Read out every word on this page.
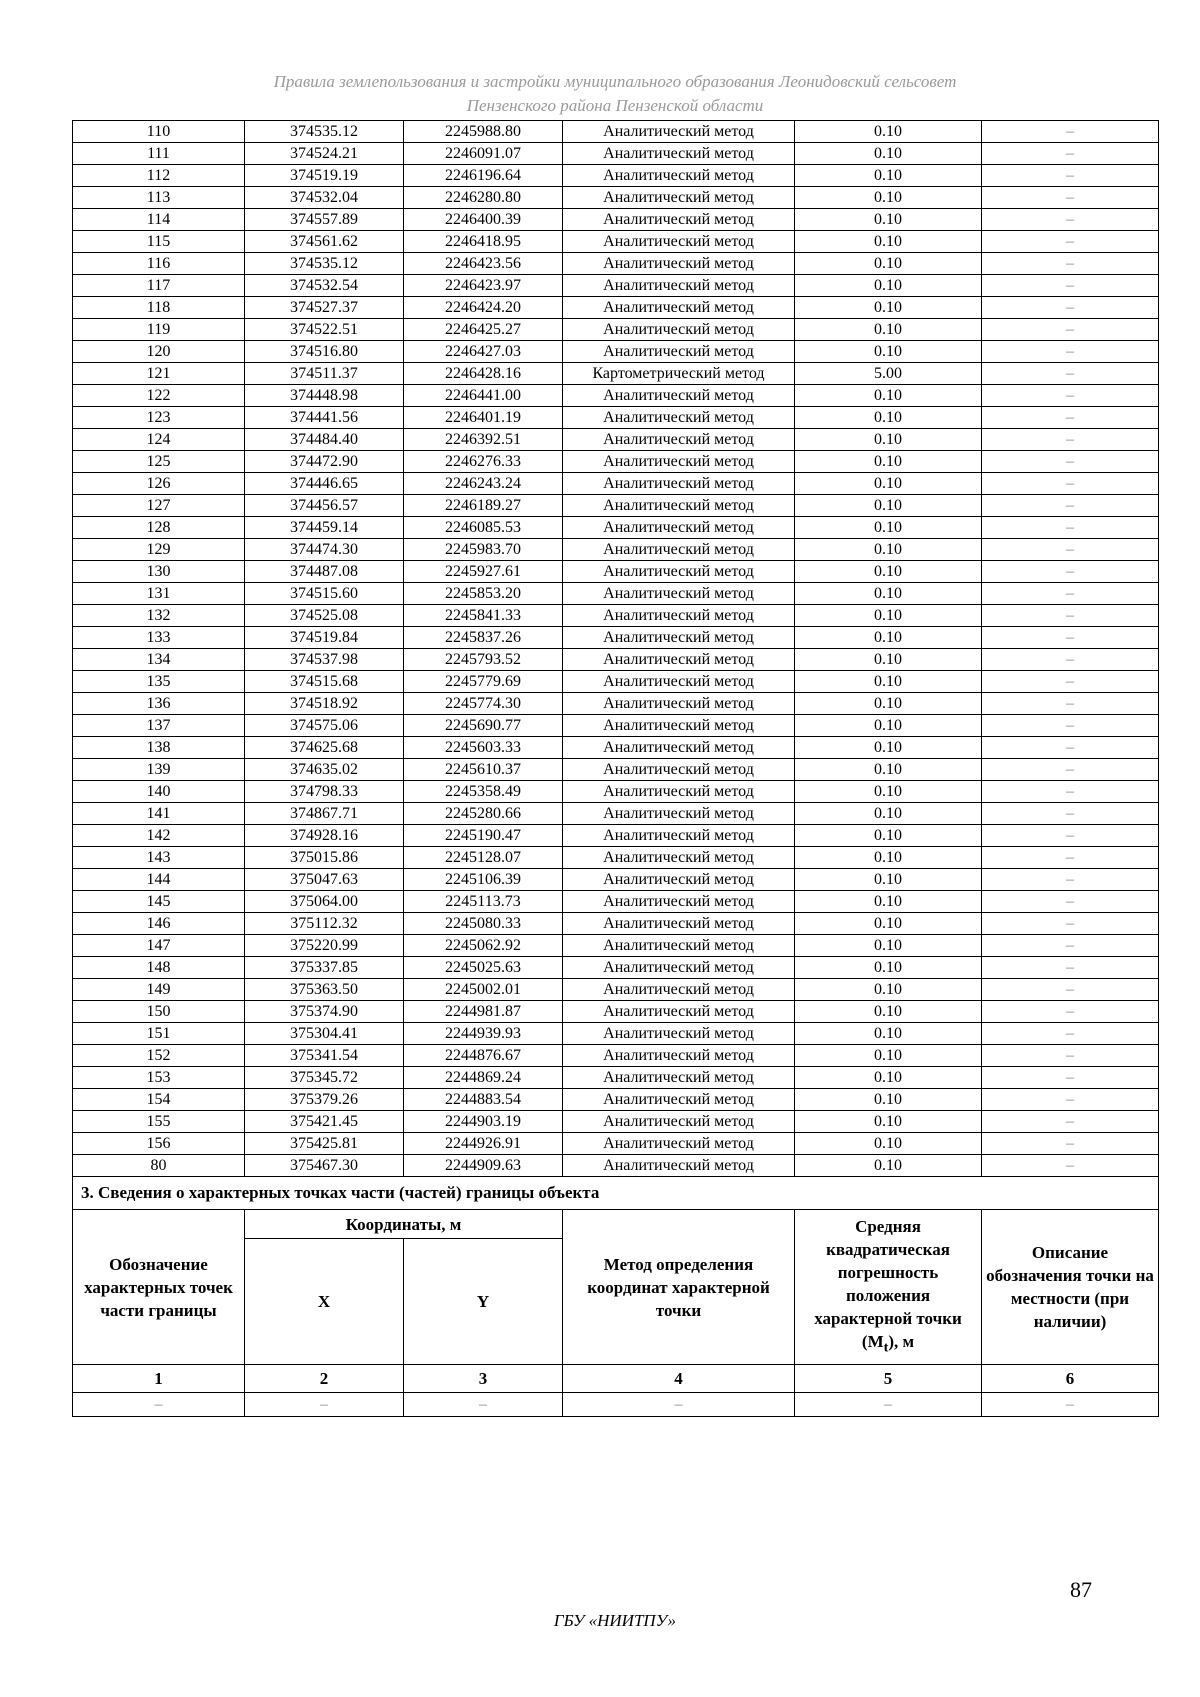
Правила землепользования и застройки муниципального образования Леонидовский сельсовет
Пензенского района Пензенской области
110	374535.12	2245988.80	Аналитический метод	0.10	–
111	374524.21	2246091.07	Аналитический метод	0.10	–
112	374519.19	2246196.64	Аналитический метод	0.10	–
113	374532.04	2246280.80	Аналитический метод	0.10	–
114	374557.89	2246400.39	Аналитический метод	0.10	–
115	374561.62	2246418.95	Аналитический метод	0.10	–
116	374535.12	2246423.56	Аналитический метод	0.10	–
117	374532.54	2246423.97	Аналитический метод	0.10	–
118	374527.37	2246424.20	Аналитический метод	0.10	–
119	374522.51	2246425.27	Аналитический метод	0.10	–
120	374516.80	2246427.03	Аналитический метод	0.10	–
121	374511.37	2246428.16	Картометрический метод	5.00	–
122	374448.98	2246441.00	Аналитический метод	0.10	–
123	374441.56	2246401.19	Аналитический метод	0.10	–
124	374484.40	2246392.51	Аналитический метод	0.10	–
125	374472.90	2246276.33	Аналитический метод	0.10	–
126	374446.65	2246243.24	Аналитический метод	0.10	–
127	374456.57	2246189.27	Аналитический метод	0.10	–
128	374459.14	2246085.53	Аналитический метод	0.10	–
129	374474.30	2245983.70	Аналитический метод	0.10	–
130	374487.08	2245927.61	Аналитический метод	0.10	–
131	374515.60	2245853.20	Аналитический метод	0.10	–
132	374525.08	2245841.33	Аналитический метод	0.10	–
133	374519.84	2245837.26	Аналитический метод	0.10	–
134	374537.98	2245793.52	Аналитический метод	0.10	–
135	374515.68	2245779.69	Аналитический метод	0.10	–
136	374518.92	2245774.30	Аналитический метод	0.10	–
137	374575.06	2245690.77	Аналитический метод	0.10	–
138	374625.68	2245603.33	Аналитический метод	0.10	–
139	374635.02	2245610.37	Аналитический метод	0.10	–
140	374798.33	2245358.49	Аналитический метод	0.10	–
141	374867.71	2245280.66	Аналитический метод	0.10	–
142	374928.16	2245190.47	Аналитический метод	0.10	–
143	375015.86	2245128.07	Аналитический метод	0.10	–
144	375047.63	2245106.39	Аналитический метод	0.10	–
145	375064.00	2245113.73	Аналитический метод	0.10	–
146	375112.32	2245080.33	Аналитический метод	0.10	–
147	375220.99	2245062.92	Аналитический метод	0.10	–
148	375337.85	2245025.63	Аналитический метод	0.10	–
149	375363.50	2245002.01	Аналитический метод	0.10	–
150	375374.90	2244981.87	Аналитический метод	0.10	–
151	375304.41	2244939.93	Аналитический метод	0.10	–
152	375341.54	2244876.67	Аналитический метод	0.10	–
153	375345.72	2244869.24	Аналитический метод	0.10	–
154	375379.26	2244883.54	Аналитический метод	0.10	–
155	375421.45	2244903.19	Аналитический метод	0.10	–
156	375425.81	2244926.91	Аналитический метод	0.10	–
80	375467.30	2244909.63	Аналитический метод	0.10	–
3. Сведения о характерных точках части (частей) границы объекта					
Обозначение характерных точек части границы	Координаты, м		Метод определения координат характерной точки	Средняя квадратическая погрешность положения характерной точки $(M_t)$, м	Описание обозначения точки на местности (при наличии)
	X	Y			
1	2	3	4	5	6
–	–	–	–	–	–
87
ГБУ «НИИТПУ»
